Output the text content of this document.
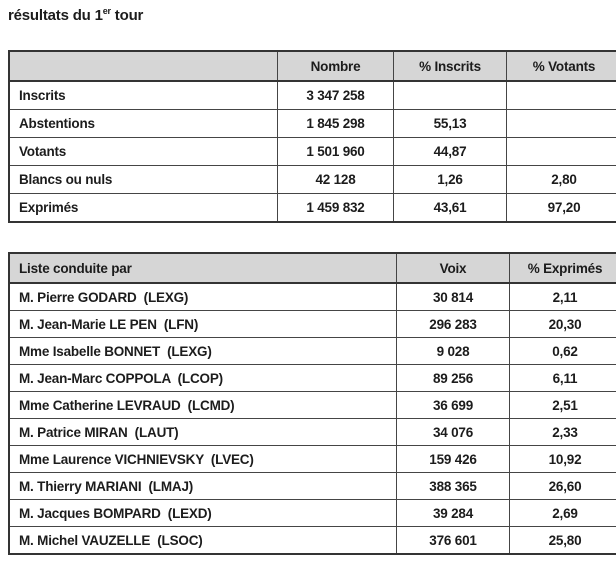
résultats du 1er tour
	Nombre	% Inscrits	% Votants
Inscrits	3 347 258		
Abstentions	1 845 298	55,13	
Votants	1 501 960	44,87	
Blancs ou nuls	42 128	1,26	2,80
Exprimés	1 459 832	43,61	97,20
Liste conduite par	Voix	% Exprimés
M. Pierre GODARD  (LEXG)	30 814	2,11
M. Jean-Marie LE PEN  (LFN)	296 283	20,30
Mme Isabelle BONNET  (LEXG)	9 028	0,62
M. Jean-Marc COPPOLA  (LCOP)	89 256	6,11
Mme Catherine LEVRAUD  (LCMD)	36 699	2,51
M. Patrice MIRAN  (LAUT)	34 076	2,33
Mme Laurence VICHNIEVSKY  (LVEC)	159 426	10,92
M. Thierry MARIANI  (LMAJ)	388 365	26,60
M. Jacques BOMPARD  (LEXD)	39 284	2,69
M. Michel VAUZELLE  (LSOC)	376 601	25,80
